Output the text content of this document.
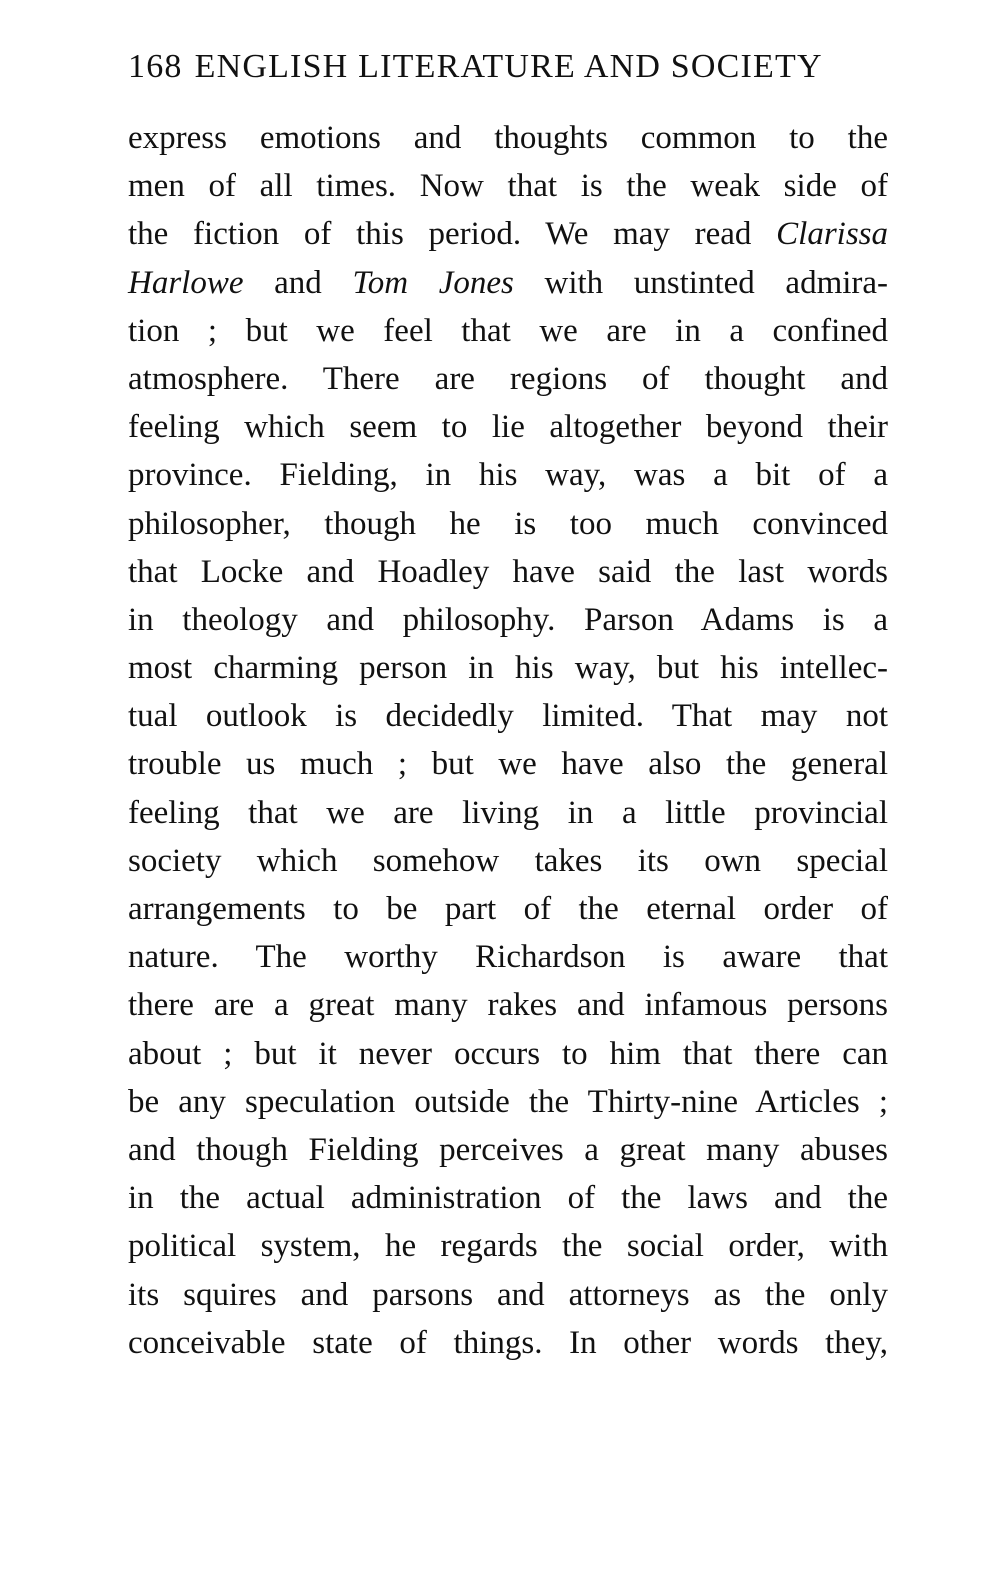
168 ENGLISH LITERATURE AND SOCIETY
express emotions and thoughts common to the
men of all times. Now that is the weak side of
the fiction of this period. We may read Clarissa
Harlowe and Tom Jones with unstinted admira-
tion ; but we feel that we are in a confined
atmosphere. There are regions of thought and
feeling which seem to lie altogether beyond their
province. Fielding, in his way, was a bit of a
philosopher, though he is too much convinced
that Locke and Hoadley have said the last words
in theology and philosophy. Parson Adams is a
most charming person in his way, but his intellec-
tual outlook is decidedly limited. That may not
trouble us much ; but we have also the general
feeling that we are living in a little provincial
society which somehow takes its own special
arrangements to be part of the eternal order of
nature. The worthy Richardson is aware that
there are a great many rakes and infamous persons
about ; but it never occurs to him that there can
be any speculation outside the Thirty-nine Articles ;
and though Fielding perceives a great many abuses
in the actual administration of the laws and the
political system, he regards the social order, with
its squires and parsons and attorneys as the only
conceivable state of things. In other words they,
